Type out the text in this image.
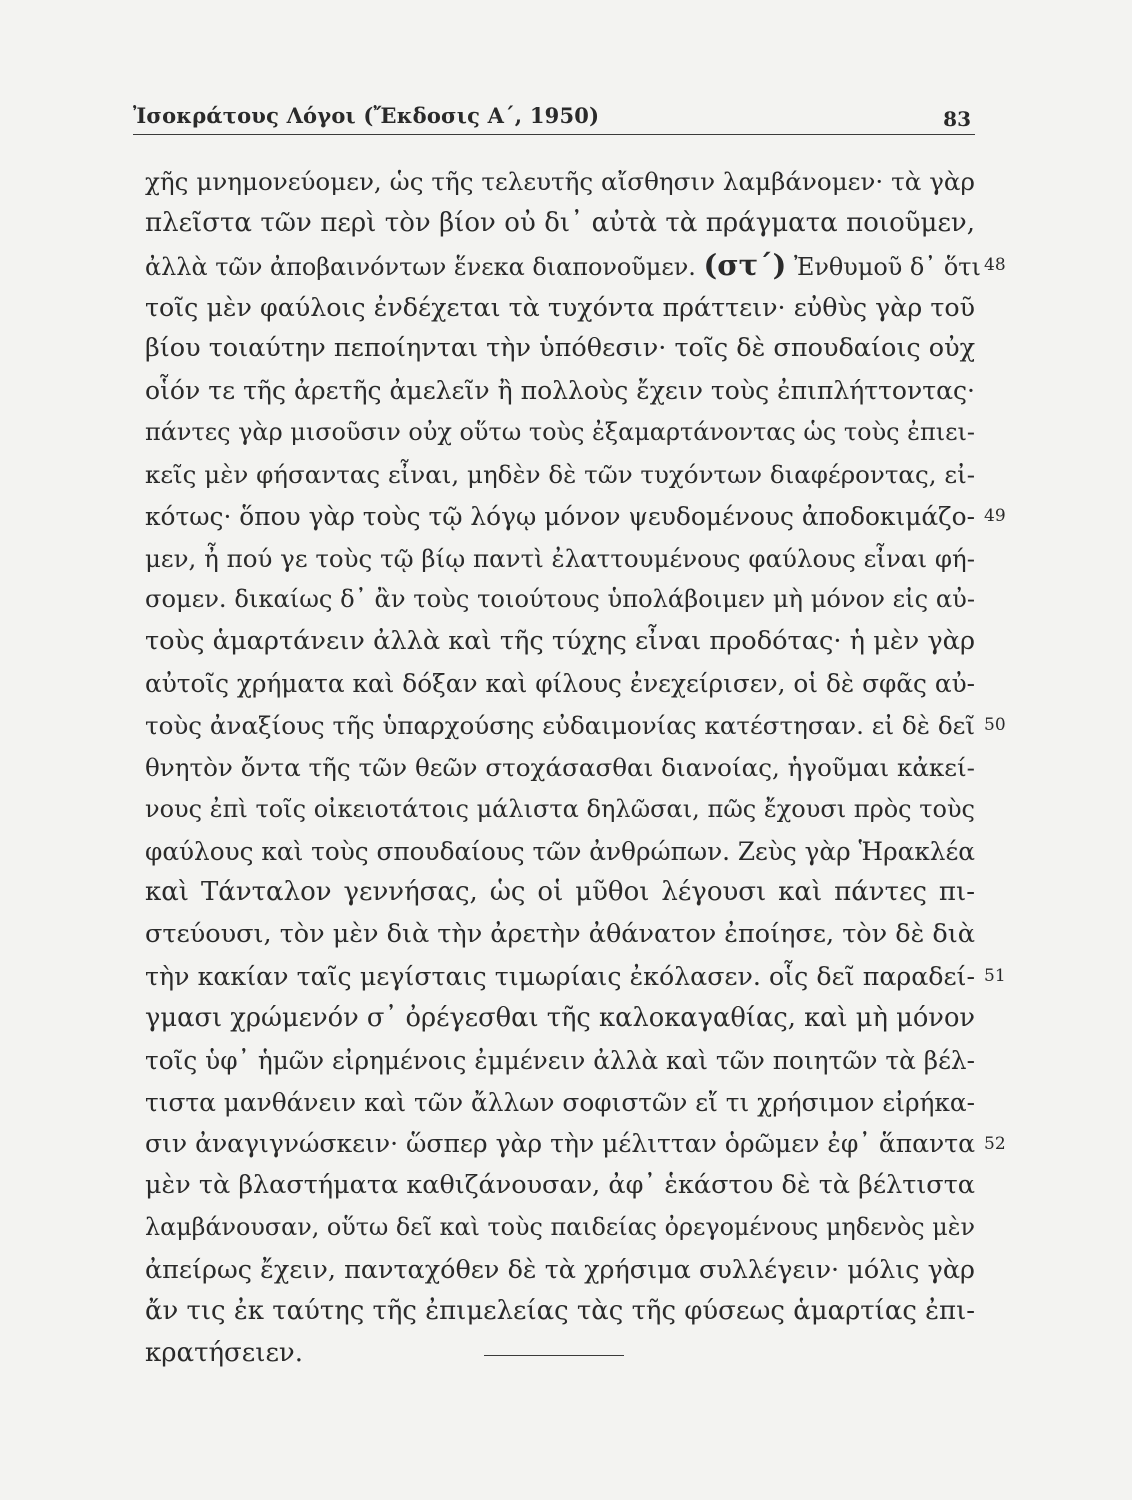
Ἰσοκράτους Λόγοι (Ἔκδοσις Α΄, 1950)	83
χῆς μνημονεύομεν, ὡς τῆς τελευτῆς αἴσθησιν λαμβάνομεν· τὰ γὰρ
πλεῖστα τῶν περὶ τὸν βίον οὐ δι᾽ αὐτὰ τὰ πράγματα ποιοῦμεν,
ἀλλὰ τῶν ἀποβαινόντων ἕνεκα διαπονοῦμεν. (στ΄) Ἐνθυμοῦ δ᾽ ὅτι
τοῖς μὲν φαύλοις ἐνδέχεται τὰ τυχόντα πράττειν· εὐθὺς γὰρ τοῦ
βίου τοιαύτην πεποίηνται τὴν ὑπόθεσιν· τοῖς δὲ σπουδαίοις οὐχ
οἷόν τε τῆς ἀρετῆς ἀμελεῖν ἢ πολλοὺς ἔχειν τοὺς ἐπιπλήττοντας·
πάντες γὰρ μισοῦσιν οὐχ οὕτω τοὺς ἐξαμαρτάνοντας ὡς τοὺς ἐπιει-
κεῖς μὲν φήσαντας εἶναι, μηδὲν δὲ τῶν τυχόντων διαφέροντας, εἰ-
κότως· ὅπου γὰρ τοὺς τῷ λόγῳ μόνον ψευδομένους ἀποδοκιμάζο-
μεν, ἦ πού γε τοὺς τῷ βίῳ παντὶ ἐλαττουμένους φαύλους εἶναι φή-
σομεν. δικαίως δ᾽ ἂν τοὺς τοιούτους ὑπολάβοιμεν μὴ μόνον εἰς αὐ-
τοὺς ἁμαρτάνειν ἀλλὰ καὶ τῆς τύχης εἶναι προδότας· ἡ μὲν γὰρ
αὐτοῖς χρήματα καὶ δόξαν καὶ φίλους ἐνεχείρισεν, οἱ δὲ σφᾶς αὐ-
τοὺς ἀναξίους τῆς ὑπαρχούσης εὐδαιμονίας κατέστησαν. εἰ δὲ δεῖ
θνητὸν ὄντα τῆς τῶν θεῶν στοχάσασθαι διανοίας, ἡγοῦμαι κἀκεί-
νους ἐπὶ τοῖς οἰκειοτάτοις μάλιστα δηλῶσαι, πῶς ἔχουσι πρὸς τοὺς
φαύλους καὶ τοὺς σπουδαίους τῶν ἀνθρώπων. Ζεὺς γὰρ Ἡρακλέα
καὶ Τάνταλον γεννήσας, ὡς οἱ μῦθοι λέγουσι καὶ πάντες πι-
στεύουσι, τὸν μὲν διὰ τὴν ἀρετὴν ἀθάνατον ἐποίησε, τὸν δὲ διὰ
τὴν κακίαν ταῖς μεγίσταις τιμωρίαις ἐκόλασεν. οἷς δεῖ παραδεί-
γμασι χρώμενόν σ᾽ ὀρέγεσθαι τῆς καλοκαγαθίας, καὶ μὴ μόνον
τοῖς ὑφ᾽ ἡμῶν εἰρημένοις ἐμμένειν ἀλλὰ καὶ τῶν ποιητῶν τὰ βέλ-
τιστα μανθάνειν καὶ τῶν ἄλλων σοφιστῶν εἴ τι χρήσιμον εἰρήκα-
σιν ἀναγιγνώσκειν· ὥσπερ γὰρ τὴν μέλιτταν ὁρῶμεν ἐφ᾽ ἅπαντα
μὲν τὰ βλαστήματα καθιζάνουσαν, ἀφ᾽ ἑκάστου δὲ τὰ βέλτιστα
λαμβάνουσαν, οὕτω δεῖ καὶ τοὺς παιδείας ὀρεγομένους μηδενὸς μὲν
ἀπείρως ἔχειν, πανταχόθεν δὲ τὰ χρήσιμα συλλέγειν· μόλις γὰρ
ἄν τις ἐκ ταύτης τῆς ἐπιμελείας τὰς τῆς φύσεως ἁμαρτίας ἐπι-
κρατήσειεν.
48
49
50
51
52
